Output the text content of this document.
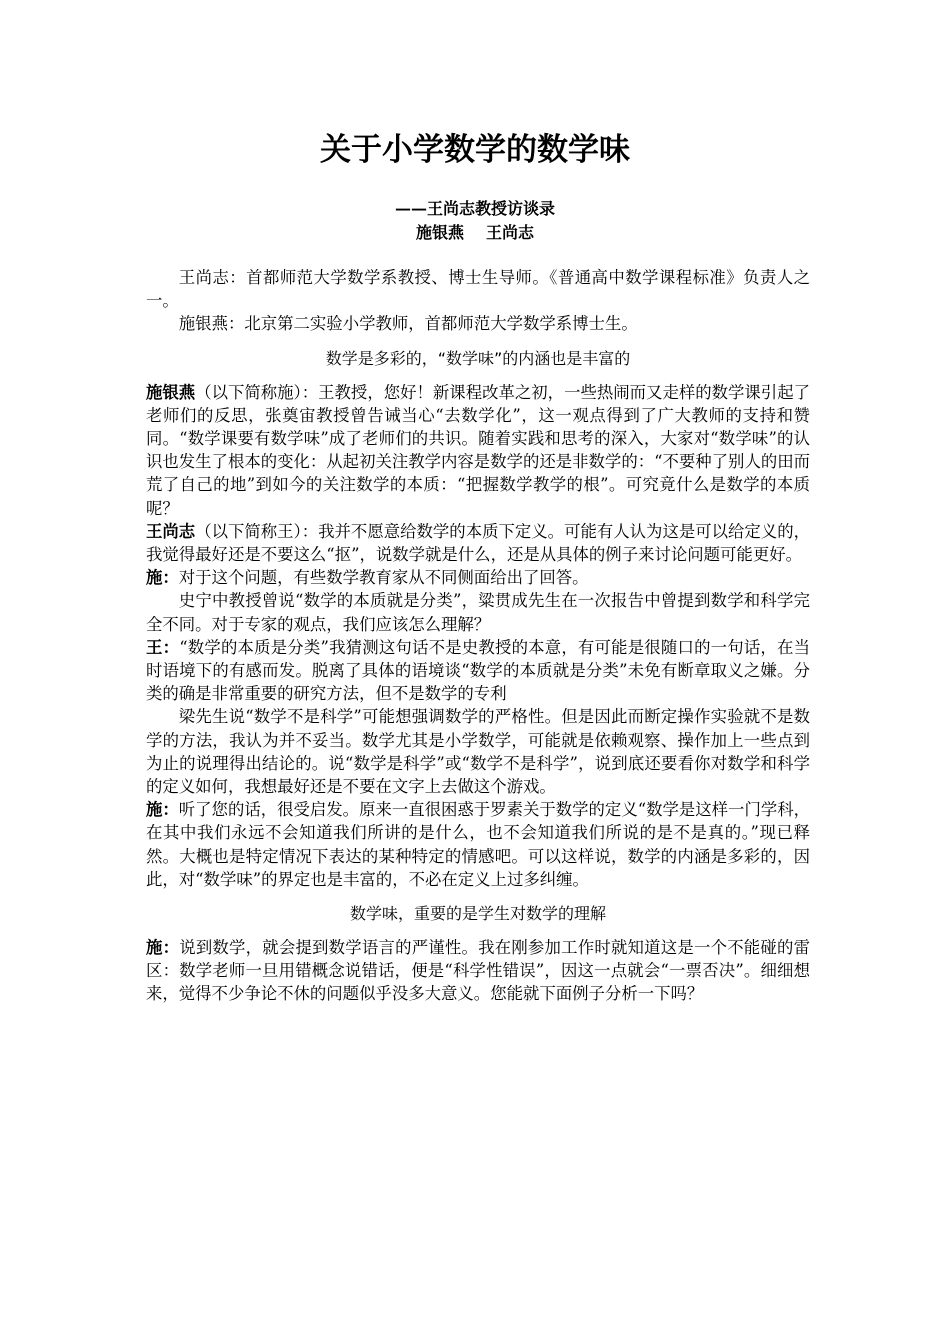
关于小学数学的数学味
——王尚志教授访谈录
施银燕 王尚志

王尚志：首都师范大学数学系教授、博士生导师。《普通高中数学课程标准》负责人之一。

施银燕：北京第二实验小学教师，首都师范大学数学系博士生。

数学是多彩的，“数学味”的内涵也是丰富的

施银燕（以下简称施）：王教授，您好！新课程改革之初，一些热闹而又走样的数学课引起了老师们的反思，张奠宙教授曾告诫当心“去数学化”，这一观点得到了广大教师的支持和赞同。“数学课要有数学味”成了老师们的共识。随着实践和思考的深入，大家对“数学味”的认识也发生了根本的变化：从起初关注教学内容是数学的还是非数学的：“不要种了别人的田而荒了自己的地”到如今的关注数学的本质：“把握数学教学的根”。可究竟什么是数学的本质呢？

王尚志（以下简称王）：我并不愿意给数学的本质下定义。可能有人认为这是可以给定义的，我觉得最好还是不要这么“抠”，说数学就是什么，还是从具体的例子来讨论问题可能更好。

施：对于这个问题，有些数学教育家从不同侧面给出了回答。

史宁中教授曾说“数学的本质就是分类”，粱贯成先生在一次报告中曾提到数学和科学完全不同。对于专家的观点，我们应该怎么理解？

王：“数学的本质是分类”我猜测这句话不是史教授的本意，有可能是很随口的一句话，在当时语境下的有感而发。脱离了具体的语境谈“数学的本质就是分类”未免有断章取义之嫌。分类的确是非常重要的研究方法，但不是数学的专利

梁先生说“数学不是科学”可能想强调数学的严格性。但是因此而断定操作实验就不是数学的方法，我认为并不妥当。数学尤其是小学数学，可能就是依赖观察、操作加上一些点到为止的说理得出结论的。说“数学是科学”或“数学不是科学”，说到底还要看你对数学和科学的定义如何，我想最好还是不要在文字上去做这个游戏。

施：听了您的话，很受启发。原来一直很困惑于罗素关于数学的定义“数学是这样一门学科，在其中我们永远不会知道我们所讲的是什么，也不会知道我们所说的是不是真的。”现已释然。大概也是特定情况下表达的某种特定的情感吧。可以这样说，数学的内涵是多彩的，因此，对“数学味”的界定也是丰富的，不必在定义上过多纠缠。

数学味，重要的是学生对数学的理解

施：说到数学，就会提到数学语言的严谨性。我在刚参加工作时就知道这是一个不能碰的雷区：数学老师一旦用错概念说错话，便是“科学性错误”，因这一点就会“一票否决”。细细想来，觉得不少争论不休的问题似乎没多大意义。您能就下面例子分析一下吗？
